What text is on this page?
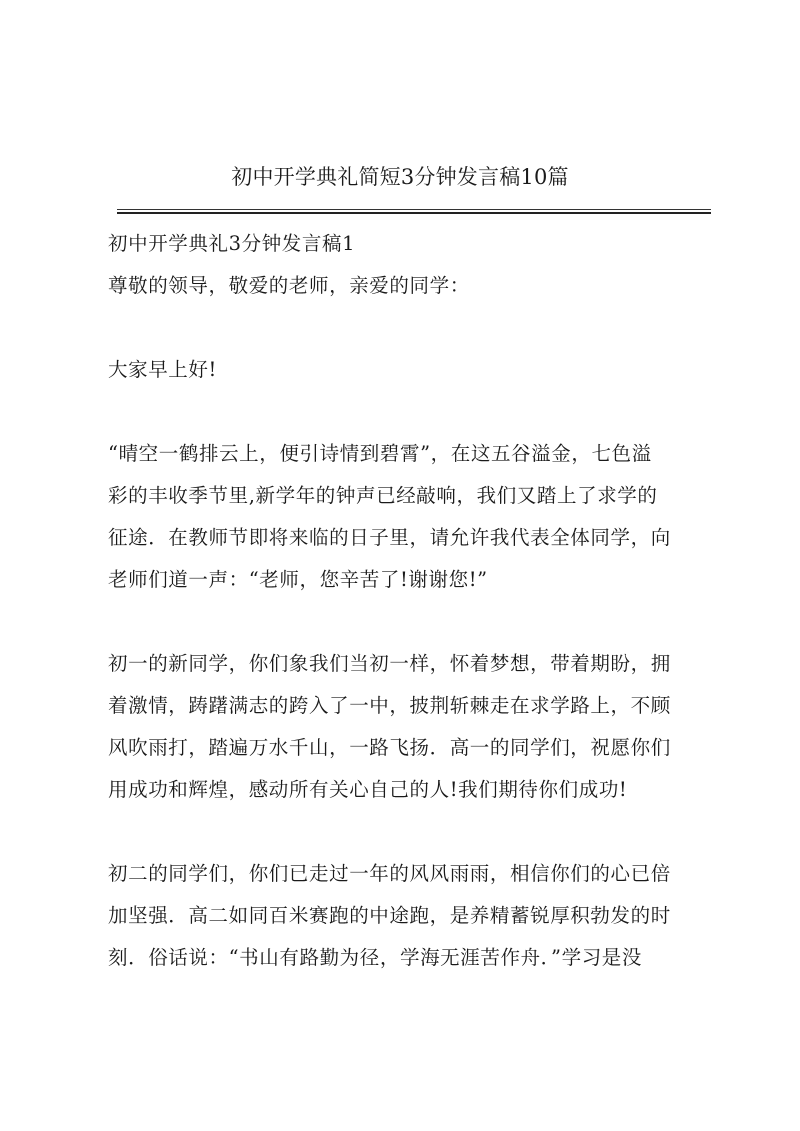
初中开学典礼简短3分钟发言稿10篇
初中开学典礼3分钟发言稿1
尊敬的领导，敬爱的老师，亲爱的同学：
大家早上好!
“晴空一鹤排云上，便引诗情到碧霄”，在这五谷溢金，七色溢
彩的丰收季节里,新学年的钟声已经敲响，我们又踏上了求学的
征途．在教师节即将来临的日子里，请允许我代表全体同学，向
老师们道一声：“老师，您辛苦了!谢谢您!”
初一的新同学，你们象我们当初一样，怀着梦想，带着期盼，拥
着激情，踌躇满志的跨入了一中，披荆斩棘走在求学路上，不顾
风吹雨打，踏遍万水千山，一路飞扬．高一的同学们，祝愿你们
用成功和辉煌，感动所有关心自己的人!我们期待你们成功!
初二的同学们，你们已走过一年的风风雨雨，相信你们的心已倍
加坚强．高二如同百米赛跑的中途跑，是养精蓄锐厚积勃发的时
刻．俗话说：“书山有路勤为径，学海无涯苦作舟．”学习是没
